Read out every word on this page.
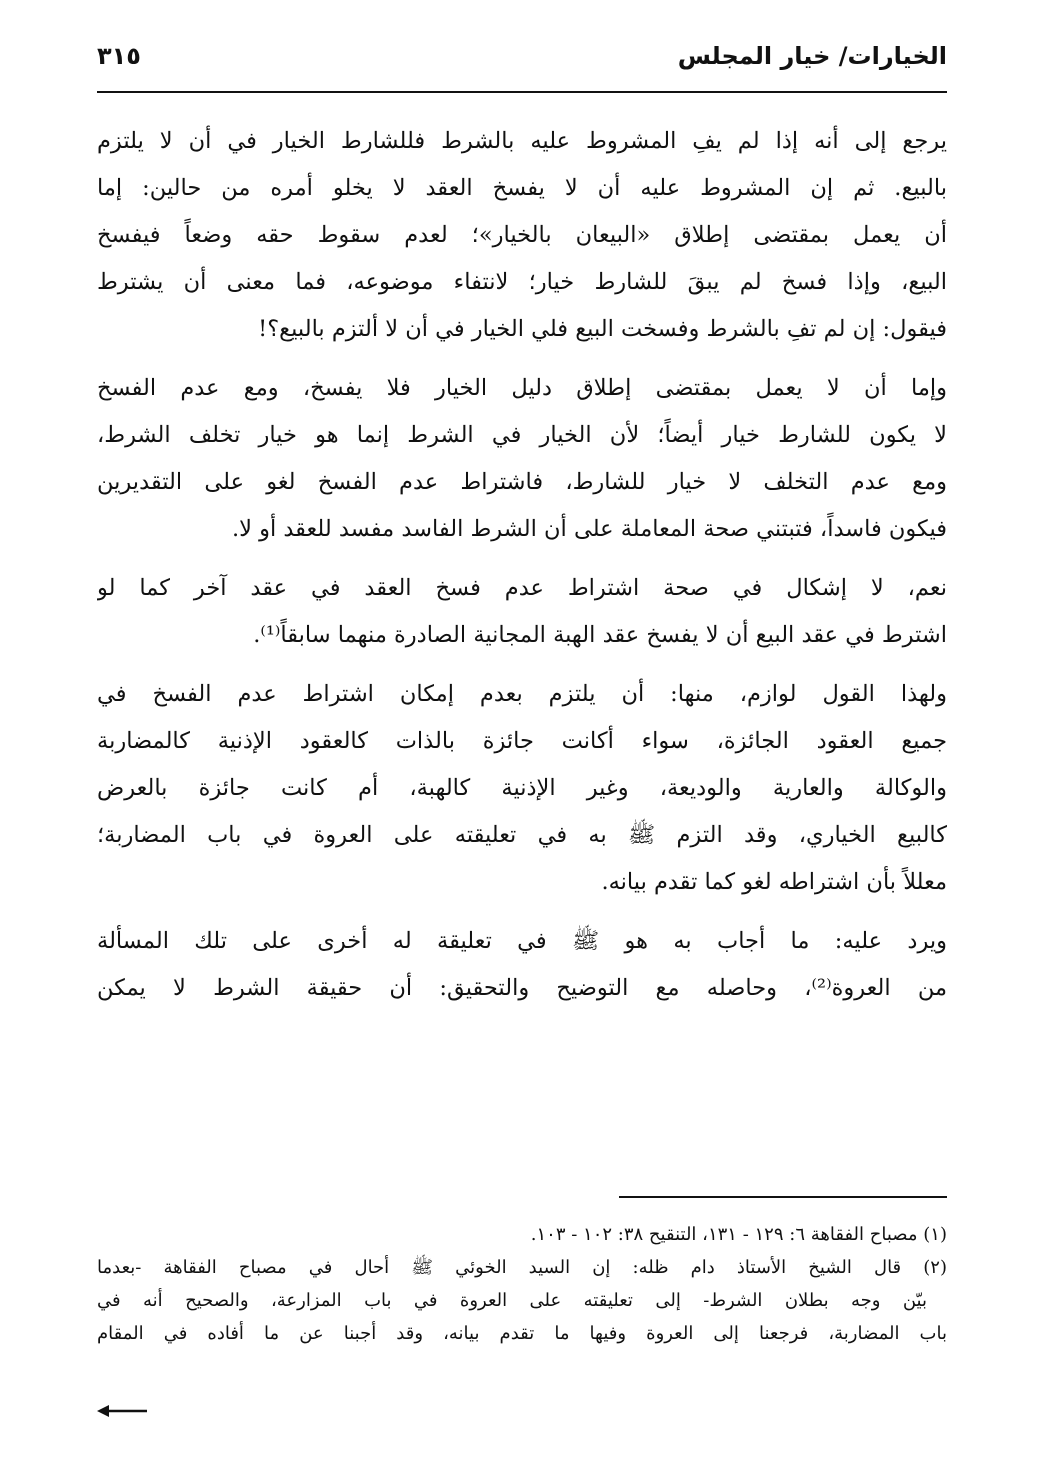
الخيارات/ خيار المجلس
٣١٥
يرجع إلى أنه إذا لم يفِ المشروط عليه بالشرط فللشارط الخيار في أن لا يلتزم
بالبيع. ثم إن المشروط عليه أن لا يفسخ العقد لا يخلو أمره من حالين: إما
أن يعمل بمقتضى إطلاق «البيعان بالخيار»؛ لعدم سقوط حقه وضعاً فيفسخ
البيع، وإذا فسخ لم يبقَ للشارط خيار؛ لانتفاء موضوعه، فما معنى أن يشترط
فيقول: إن لم تفِ بالشرط وفسخت البيع فلي الخيار في أن لا ألتزم بالبيع؟!
وإما أن لا يعمل بمقتضى إطلاق دليل الخيار فلا يفسخ، ومع عدم الفسخ
لا يكون للشارط خيار أيضاً؛ لأن الخيار في الشرط إنما هو خيار تخلف الشرط،
ومع عدم التخلف لا خيار للشارط، فاشتراط عدم الفسخ لغو على التقديرين
فيكون فاسداً، فتبتني صحة المعاملة على أن الشرط الفاسد مفسد للعقد أو لا.
نعم، لا إشكال في صحة اشتراط عدم فسخ العقد في عقد آخر كما لو
اشترط في عقد البيع أن لا يفسخ عقد الهبة المجانية الصادرة منهما سابقاً⁽¹⁾.
ولهذا القول لوازم، منها: أن يلتزم بعدم إمكان اشتراط عدم الفسخ في
جميع العقود الجائزة، سواء أكانت جائزة بالذات كالعقود الإذنية كالمضاربة
والوكالة والعارية والوديعة، وغير الإذنية كالهبة، أم كانت جائزة بالعرض
كالبيع الخياري، وقد التزم ﷺ به في تعليقته على العروة في باب المضاربة؛
معللاً بأن اشتراطه لغو كما تقدم بيانه.
ويرد عليه: ما أجاب به هو ﷺ في تعليقة له أخرى على تلك المسألة
من العروة⁽²⁾، وحاصله مع التوضيح والتحقيق: أن حقيقة الشرط لا يمكن
(١) مصباح الفقاهة ٦: ١٢٩ - ١٣١، التنقيح ٣٨: ١٠٢ - ١٠٣.
(٢) قال الشيخ الأستاذ دام ظله: إن السيد الخوئي ﷺ أحال في مصباح الفقاهة -بعدما
بيّن وجه بطلان الشرط- إلى تعليقته على العروة في باب المزارعة، والصحيح أنه في
باب المضاربة، فرجعنا إلى العروة وفيها ما تقدم بيانه، وقد أجبنا عن ما أفاده في المقام
